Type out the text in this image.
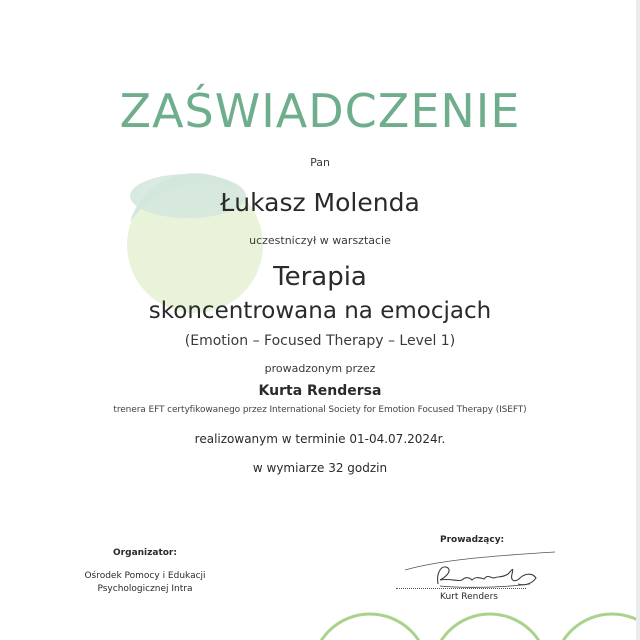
ZAŚWIADCZENIE
Pan
Łukasz Molenda
uczestniczył w warsztacie
Terapia
skoncentrowana na emocjach
(Emotion – Focused Therapy – Level 1)
prowadzonym przez
Kurta Rendersa
trenera EFT certyfikowanego przez International Society for Emotion Focused Therapy (ISEFT)
realizowanym w terminie 01-04.07.2024r.
w wymiarze 32 godzin
Organizator:
Ośrodek Pomocy i Edukacji
Psychologicznej Intra
Prowadzący:
Kurt Renders
